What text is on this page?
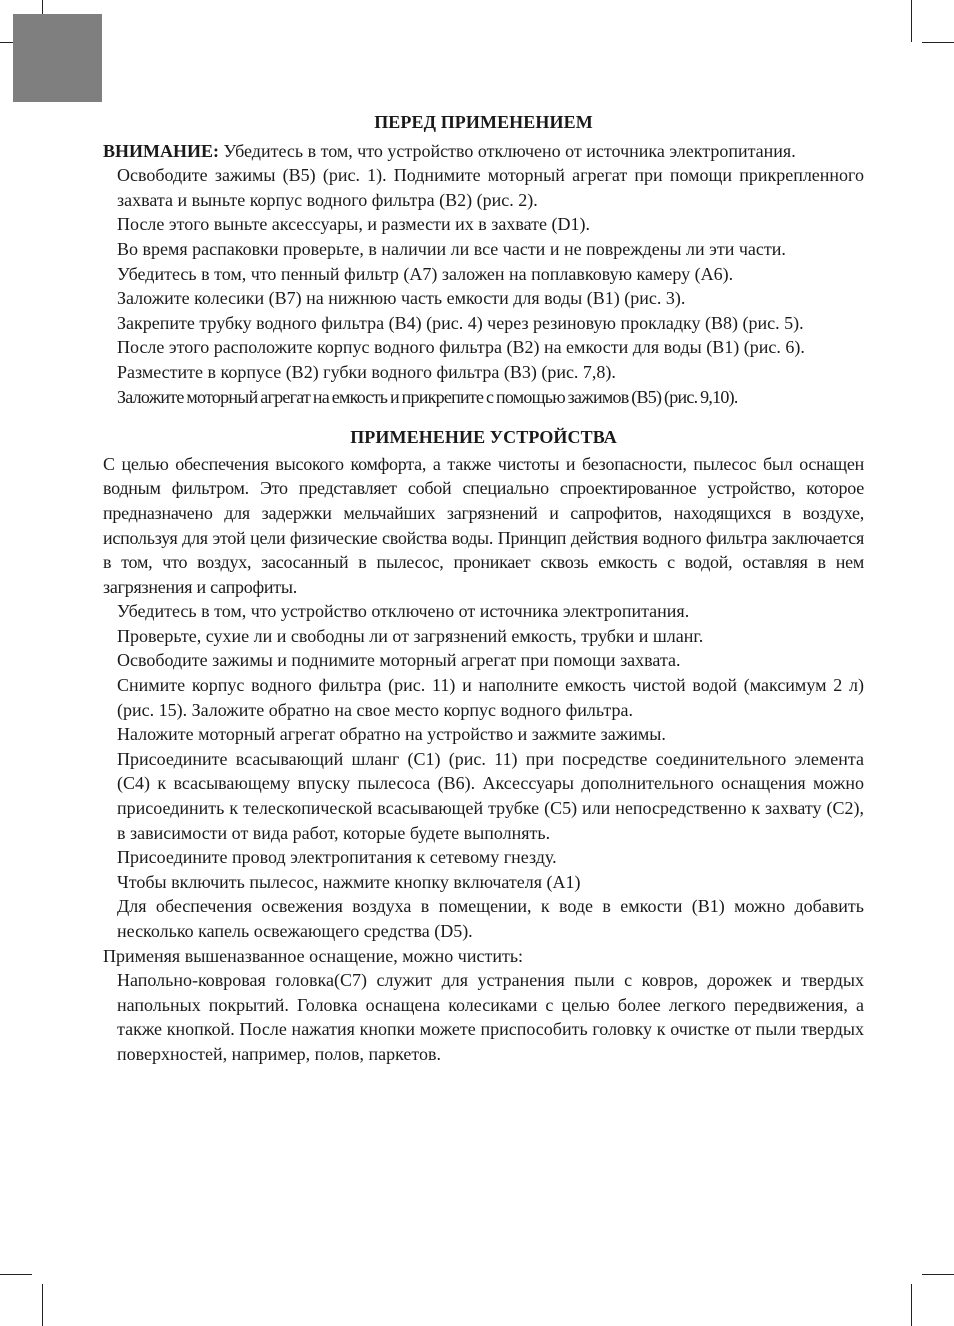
ПЕРЕД ПРИМЕНЕНИЕМ

ВНИМАНИЕ: Убедитесь в том, что устройство отключено от источника электропитания.

Освободите зажимы (B5) (рис. 1). Поднимите моторный агрегат при помощи прикрепленного захвата и выньте корпус водного фильтра (B2) (рис. 2).

После этого выньте аксессуары, и размести их в захвате (D1).

Во время распаковки проверьте, в наличии ли все части и не повреждены ли эти части.

Убедитесь в том, что пенный фильтр (A7) заложен на поплавковую камеру (A6).

Заложите колесики (B7) на нижнюю часть емкости для воды (B1) (рис. 3).

Закрепите трубку водного фильтра (B4) (рис. 4) через резиновую прокладку (B8) (рис. 5).

После этого расположите корпус водного фильтра (B2) на емкости для воды (B1) (рис. 6).

Разместите в корпусе (B2) губки водного фильтра (B3) (рис. 7,8).

Заложите моторный агрегат на емкость и прикрепите с помощью зажимов (B5) (рис. 9,10).

ПРИМЕНЕНИЕ УСТРОЙСТВА

С целью обеспечения высокого комфорта, а также чистоты и безопасности, пылесос был оснащен водным фильтром. Это представляет собой специально спроектированное устройство, которое предназначено для задержки мельчайших загрязнений и сапрофитов, находящихся в воздухе, используя для этой цели физические свойства воды. Принцип действия водного фильтра заключается в том, что воздух, засосанный в пылесос, проникает сквозь емкость с водой, оставляя в нем загрязнения и сапрофиты.

Убедитесь в том, что устройство отключено от источника электропитания.

Проверьте, сухие ли и свободны ли от загрязнений емкость, трубки и шланг.

Освободите зажимы и поднимите моторный агрегат при помощи захвата.

Снимите корпус водного фильтра (рис. 11) и наполните емкость чистой водой (максимум 2 л) (рис. 15). Заложите обратно на свое место корпус водного фильтра.

Наложите моторный агрегат обратно на устройство и зажмите зажимы.

Присоедините всасывающий шланг (C1) (рис. 11) при посредстве соединительного элемента (C4) к всасывающему впуску пылесоса (B6). Аксессуары дополнительного оснащения можно присоединить к телескопической всасывающей трубке (C5) или непосредственно к захвату (C2), в зависимости от вида работ, которые будете выполнять.

Присоедините провод электропитания к сетевому гнезду.

Чтобы включить пылесос, нажмите кнопку включателя (A1)

Для обеспечения освежения воздуха в помещении, к воде в емкости (B1) можно добавить несколько капель освежающего средства (D5).

Применяя вышеназванное оснащение, можно чистить:

Напольно-ковровая головка(C7) служит для устранения пыли с ковров, дорожек и твердых напольных покрытий. Головка оснащена колесиками с целью более легкого передвижения, а также кнопкой. После нажатия кнопки можете приспособить головку к очистке от пыли твердых поверхностей, например, полов, паркетов.
